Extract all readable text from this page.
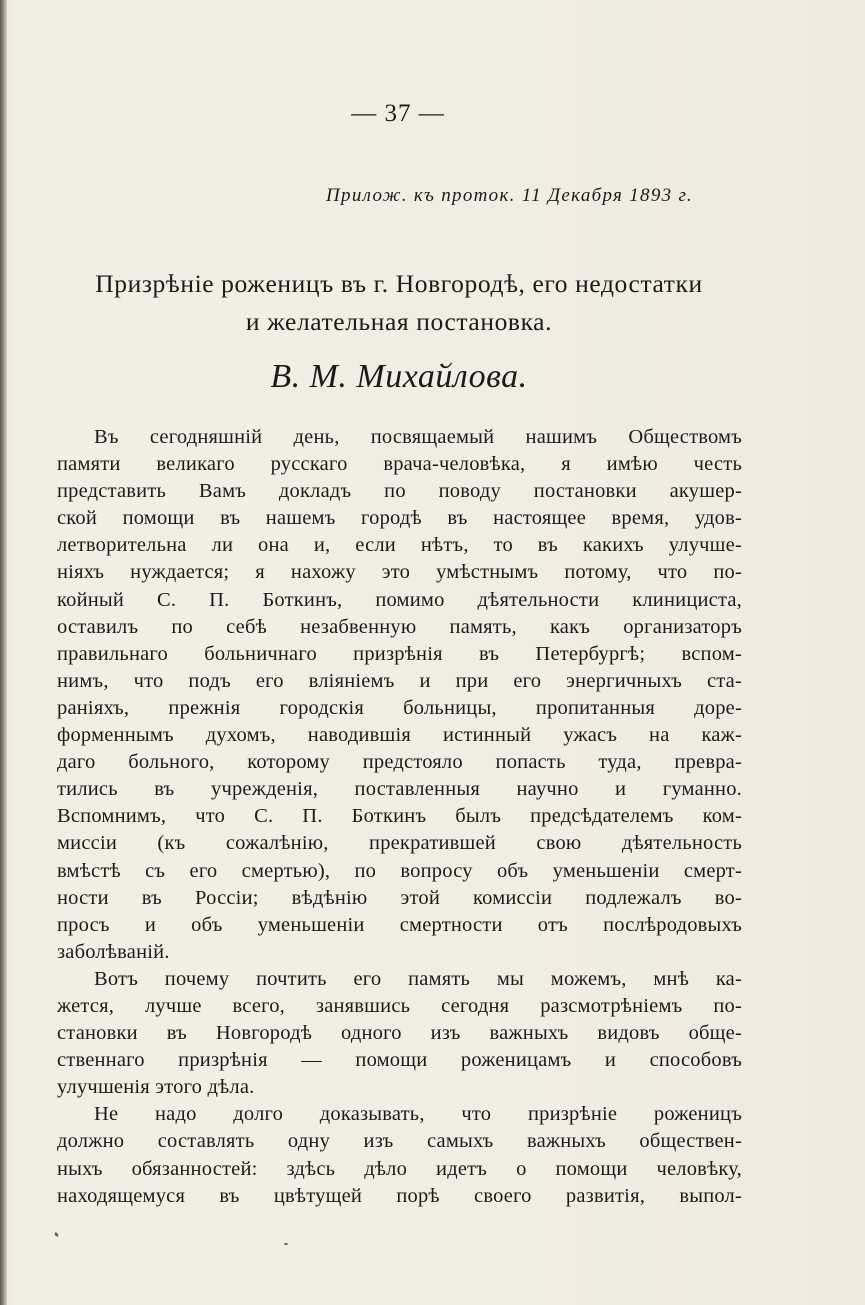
— 37 —
Прилож. къ протoк. 11 Декабря 1893 г.
Призрѣніе рожeницъ въ г. Новгородѣ, его недостатки
и желательная постановка.
В. М. Михайлова.
Въ сегодняшній день, посвящаемый нашимъ Обществомъ
памяти великаго русскаго врача-человѣка, я имѣю честь
представить Вамъ докладъ по поводу постановки акушер-
ской помощи въ нашемъ городѣ въ настоящее время, удов-
летворительна ли она и, если нѣтъ, то въ какихъ улучше-
ніяхъ нуждается; я нахожу это умѣстнымъ потому, что по-
койный С. П. Боткинъ, помимо дѣятельности клинициста,
оставилъ по себѣ незабвенную память, какъ организаторъ
правильнаго больничнаго призрѣнія въ Петербургѣ; вспом-
нимъ, что подъ его вліяніемъ и при его энергичныхъ ста-
раніяхъ, прежнія городскія больницы, пропитанныя доре-
форменнымъ духомъ, наводившія истинный ужасъ на каж-
даго больного, которому предстояло попасть туда, превра-
тились въ учрежденія, поставленныя научно и гуманно.
Вспомнимъ, что С. П. Боткинъ былъ предсѣдателемъ ком-
миссіи (къ сожалѣнію, прекратившей свою дѣятельность
вмѣстѣ съ его смертью), по вопросу объ уменьшеніи смерт-
ности въ Россіи; вѣдѣнію этой комиссіи подлежалъ во-
просъ и объ уменьшеніи смертности отъ послѣродовыхъ
заболѣваній.
Вотъ почему почтить его память мы можемъ, мнѣ ка-
жется, лучше всего, занявшись сегодня разсмотрѣніемъ по-
становки въ Новгородѣ одного изъ важныхъ видовъ обще-
ственнаго призрѣнія — помощи роженицамъ и способовъ
улучшенія этого дѣла.
Не надо долго доказывать, что призрѣніе роженицъ
должно составлять одну изъ самыхъ важныхъ обществен-
ныхъ обязанностей: здѣсь дѣло идетъ о помощи человѣку,
находящемуся въ цвѣтущей порѣ своего развитія, выпол-
